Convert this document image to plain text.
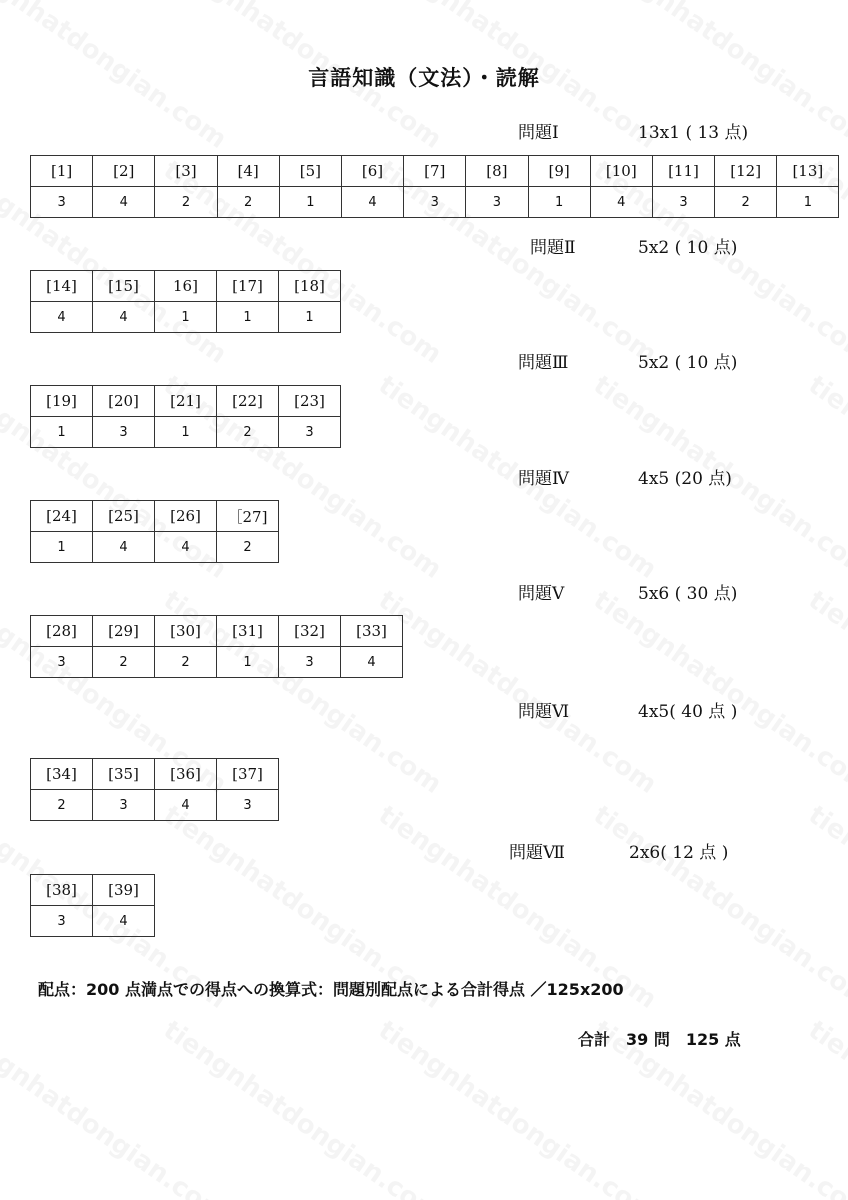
言語知識（文法）・読解
問題Ⅰ	13x1 ( 13 点)
[1]	[2]	[3]	[4]	[5]	[6]	[7]	[8]	[9]	[10]	[11]	[12]	[13]
3	4	2	2	1	4	3	3	1	4	3	2	1
問題Ⅱ	5x2 ( 10 点)
[14]	[15]	16]	[17]	[18]
4	4	1	1	1
問題Ⅲ	5x2 ( 10 点)
[19]	[20]	[21]	[22]	[23]
1	3	1	2	3
問題Ⅳ	4x5 (20 点)
[24]	[25]	[26]	［27]
1	4	4	2
問題Ⅴ	5x6 ( 30 点)
[28]	[29]	[30]	[31]	[32]	[33]
3	2	2	1	3	4
問題Ⅵ	4x5( 40 点 )
[34]	[35]	[36]	[37]
2	3	4	3
問題Ⅶ	2x6( 12 点 )
[38]	[39]
3	4
配点：200 点満点での得点への換算式：問題別配点による合計得点 ／125x200
合計　39 問　125 点
